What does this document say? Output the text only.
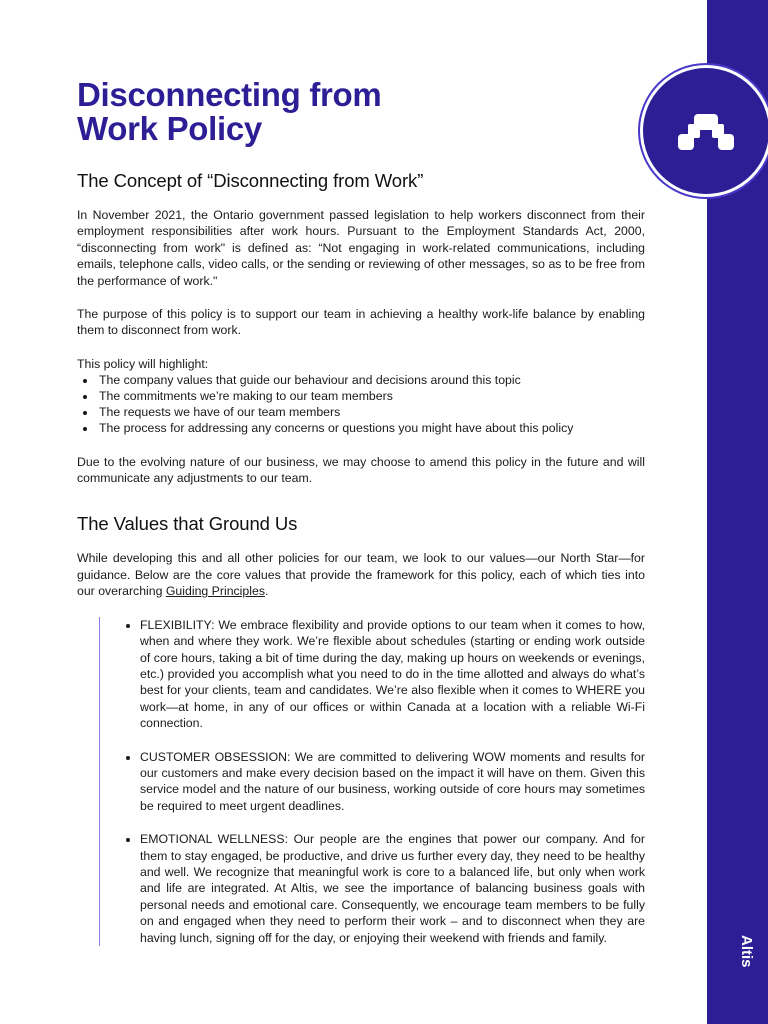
Altis
Disconnecting from Work Policy
The Concept of “Disconnecting from Work”

In November 2021, the Ontario government passed legislation to help workers disconnect from their employment responsibilities after work hours. Pursuant to the Employment Standards Act, 2000, “disconnecting from work" is defined as: “Not engaging in work-related communications, including emails, telephone calls, video calls, or the sending or reviewing of other messages, so as to be free from the performance of work."

The purpose of this policy is to support our team in achieving a healthy work-life balance by enabling them to disconnect from work.

This policy will highlight:

• The company values that guide our behaviour and decisions around this topic
• The commitments we’re making to our team members
• The requests we have of our team members
• The process for addressing any concerns or questions you might have about this policy

Due to the evolving nature of our business, we may choose to amend this policy in the future and will communicate any adjustments to our team.

The Values that Ground Us

While developing this and all other policies for our team, we look to our values—our North Star—for guidance. Below are the core values that provide the framework for this policy, each of which ties into our overarching Guiding Principles.

• FLEXIBILITY: We embrace flexibility and provide options to our team when it comes to how, when and where they work. We’re flexible about schedules (starting or ending work outside of core hours, taking a bit of time during the day, making up hours on weekends or evenings, etc.) provided you accomplish what you need to do in the time allotted and always do what’s best for your clients, team and candidates. We’re also flexible when it comes to WHERE you work—at home, in any of our offices or within Canada at a location with a reliable Wi-Fi connection.
• CUSTOMER OBSESSION: We are committed to delivering WOW moments and results for our customers and make every decision based on the impact it will have on them. Given this service model and the nature of our business, working outside of core hours may sometimes be required to meet urgent deadlines.
• EMOTIONAL WELLNESS: Our people are the engines that power our company. And for them to stay engaged, be productive, and drive us further every day, they need to be healthy and well. We recognize that meaningful work is core to a balanced life, but only when work and life are integrated. At Altis, we see the importance of balancing business goals with personal needs and emotional care. Consequently, we encourage team members to be fully on and engaged when they need to perform their work – and to disconnect when they are having lunch, signing off for the day, or enjoying their weekend with friends and family.
